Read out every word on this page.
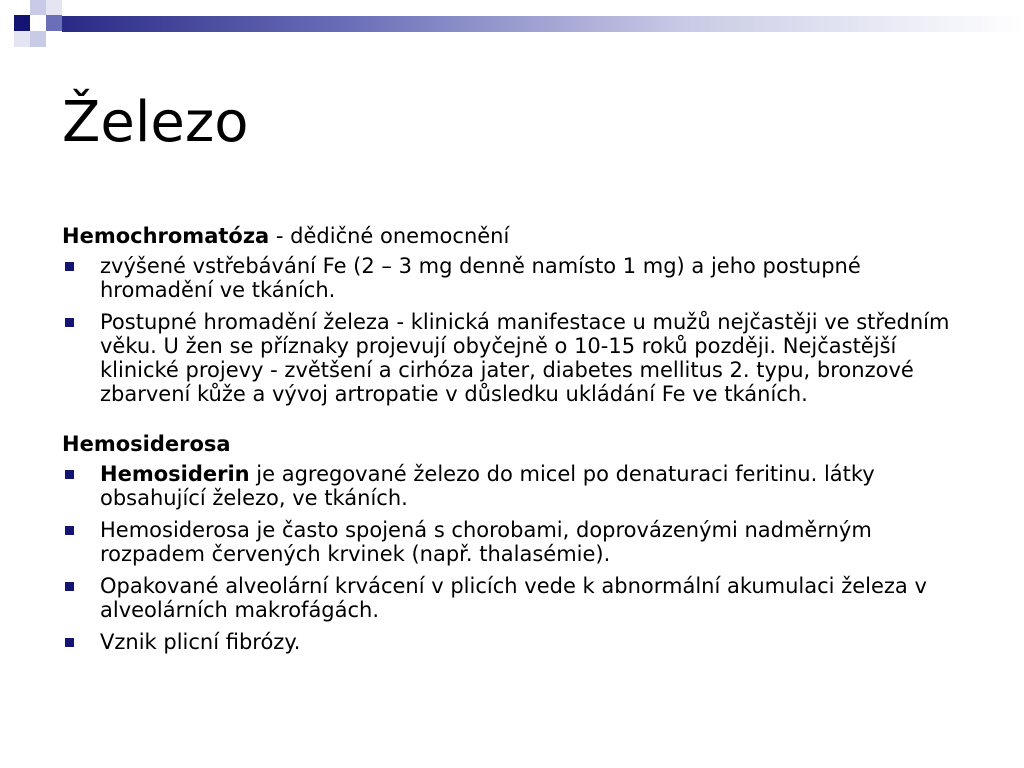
Železo

Hemochromatóza - dědičné onemocnění

zvýšené vstřebávání Fe (2 – 3 mg denně namísto 1 mg) a jeho postupné hromadění ve tkáních.
Postupné hromadění železa - klinická manifestace u mužů nejčastěji ve středním věku. U žen se příznaky projevují obyčejně o 10-15 roků později. Nejčastější klinické projevy - zvětšení a cirhóza jater, diabetes mellitus 2. typu, bronzové zbarvení kůže a vývoj artropatie v důsledku ukládání Fe ve tkáních.

Hemosiderosa

Hemosiderin je agregované železo do micel po denaturaci feritinu. látky obsahující železo, ve tkáních.
Hemosiderosa je často spojená s chorobami, doprovázenými nadměrným rozpadem červených krvinek (např. thalasémie).
Opakované alveolární krvácení v plicích vede k abnormální akumulaci železa v alveolárních makrofágách.
Vznik plicní fibrózy.
